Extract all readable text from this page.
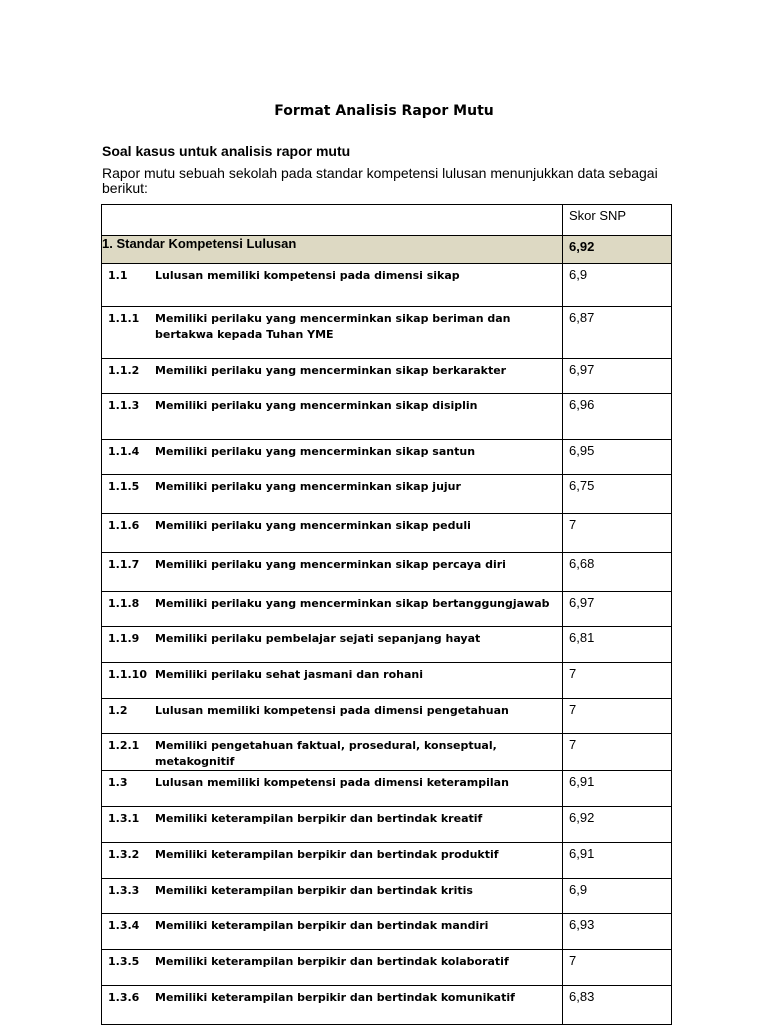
Format Analisis Rapor Mutu
Soal kasus untuk analisis rapor mutu
Rapor mutu sebuah sekolah pada standar kompetensi lulusan menunjukkan data sebagai berikut:
	Skor SNP
1. Standar Kompetensi Lulusan	6,92

1.1 Lulusan memiliki kompetensi pada dimensi sikap	6,9

1.1.1 Memiliki perilaku yang mencerminkan sikap beriman dan bertakwa kepada Tuhan YME	6,87

1.1.2 Memiliki perilaku yang mencerminkan sikap berkarakter	6,97

1.1.3 Memiliki perilaku yang mencerminkan sikap disiplin	6,96

1.1.4 Memiliki perilaku yang mencerminkan sikap santun	6,95

1.1.5 Memiliki perilaku yang mencerminkan sikap jujur	6,75

1.1.6 Memiliki perilaku yang mencerminkan sikap peduli	7

1.1.7 Memiliki perilaku yang mencerminkan sikap percaya diri	6,68

1.1.8 Memiliki perilaku yang mencerminkan sikap bertanggungjawab	6,97

1.1.9 Memiliki perilaku pembelajar sejati sepanjang hayat	6,81

1.1.10 Memiliki perilaku sehat jasmani dan rohani	7

1.2 Lulusan memiliki kompetensi pada dimensi pengetahuan	7

1.2.1 Memiliki pengetahuan faktual, prosedural, konseptual, metakognitif	7

1.3 Lulusan memiliki kompetensi pada dimensi keterampilan	6,91

1.3.1 Memiliki keterampilan berpikir dan bertindak kreatif	6,92

1.3.2 Memiliki keterampilan berpikir dan bertindak produktif	6,91

1.3.3 Memiliki keterampilan berpikir dan bertindak kritis	6,9

1.3.4 Memiliki keterampilan berpikir dan bertindak mandiri	6,93

1.3.5 Memiliki keterampilan berpikir dan bertindak kolaboratif	7

1.3.6 Memiliki keterampilan berpikir dan bertindak komunikatif	6,83
